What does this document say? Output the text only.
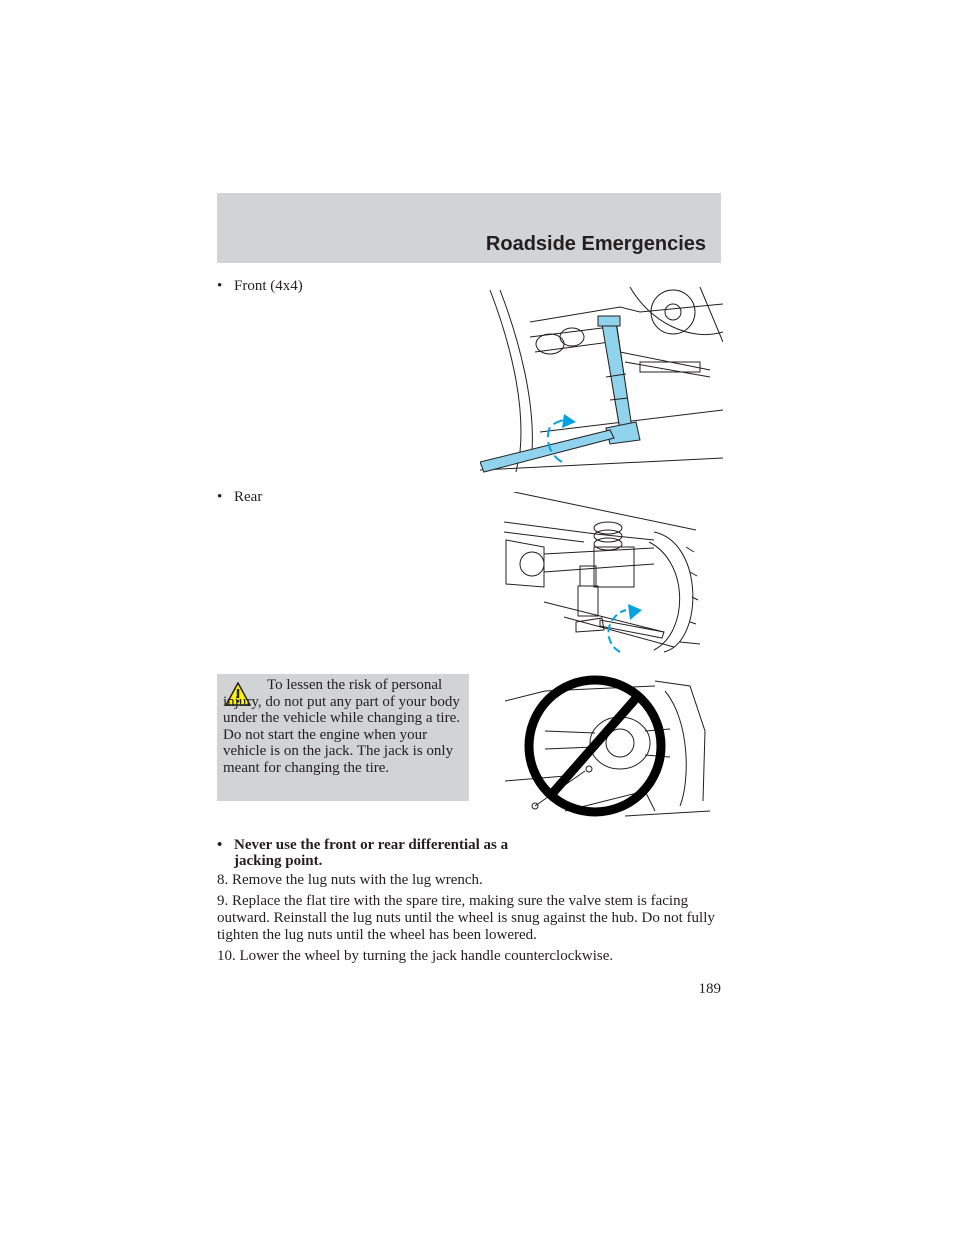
Roadside Emergencies

• Front (4x4)

• Rear

To lessen the risk of personal injury, do not put any part of your body under the vehicle while changing a tire. Do not start the engine when your vehicle is on the jack. The jack is only meant for changing the tire.

• Never use the front or rear differential as a jacking point.

8. Remove the lug nuts with the lug wrench.

9. Replace the flat tire with the spare tire, making sure the valve stem is facing outward. Reinstall the lug nuts until the wheel is snug against the hub. Do not fully tighten the lug nuts until the wheel has been lowered.

10. Lower the wheel by turning the jack handle counterclockwise.

189
